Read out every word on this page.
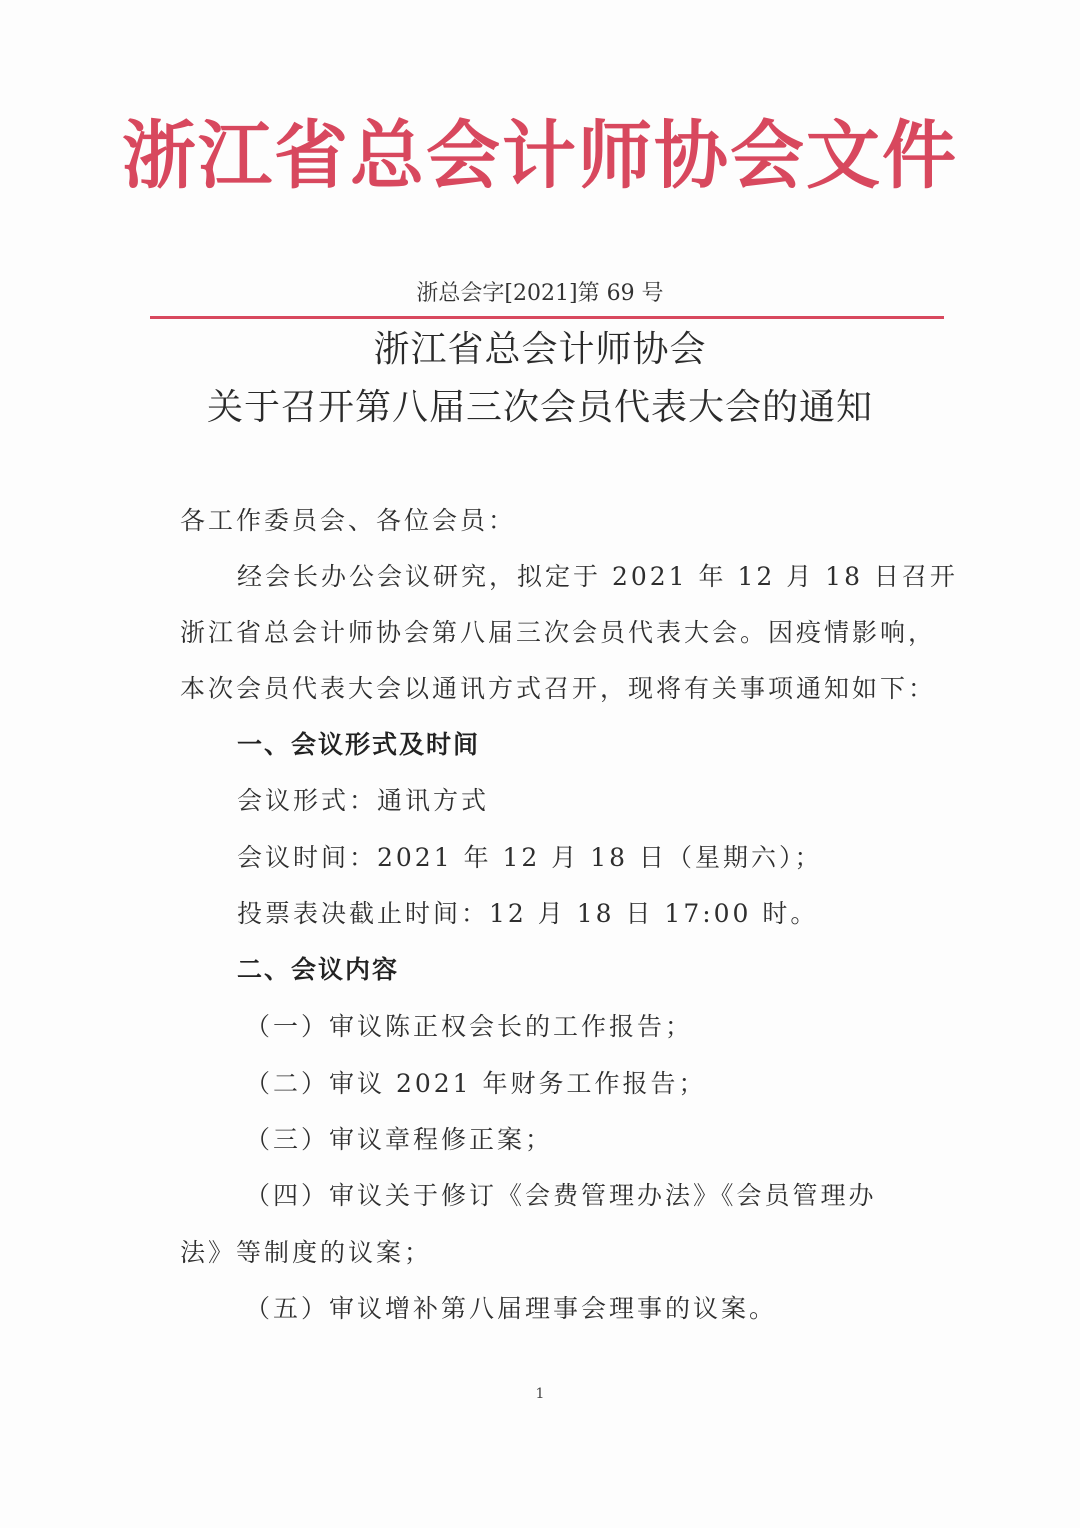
浙江省总会计师协会文件
浙总会字[2021]第 69 号
浙江省总会计师协会
关于召开第八届三次会员代表大会的通知
各工作委员会、各位会员：
经会长办公会议研究，拟定于 2021 年 12 月 18 日召开
浙江省总会计师协会第八届三次会员代表大会。因疫情影响，
本次会员代表大会以通讯方式召开，现将有关事项通知如下：
一、会议形式及时间
会议形式：通讯方式
会议时间：2021 年 12 月 18 日（星期六）；
投票表决截止时间：12 月 18 日 17:00 时。
二、会议内容
（一）审议陈正权会长的工作报告；
（二）审议 2021 年财务工作报告；
（三）审议章程修正案；
（四）审议关于修订《会费管理办法》《会员管理办
法》等制度的议案；
（五）审议增补第八届理事会理事的议案。
1
